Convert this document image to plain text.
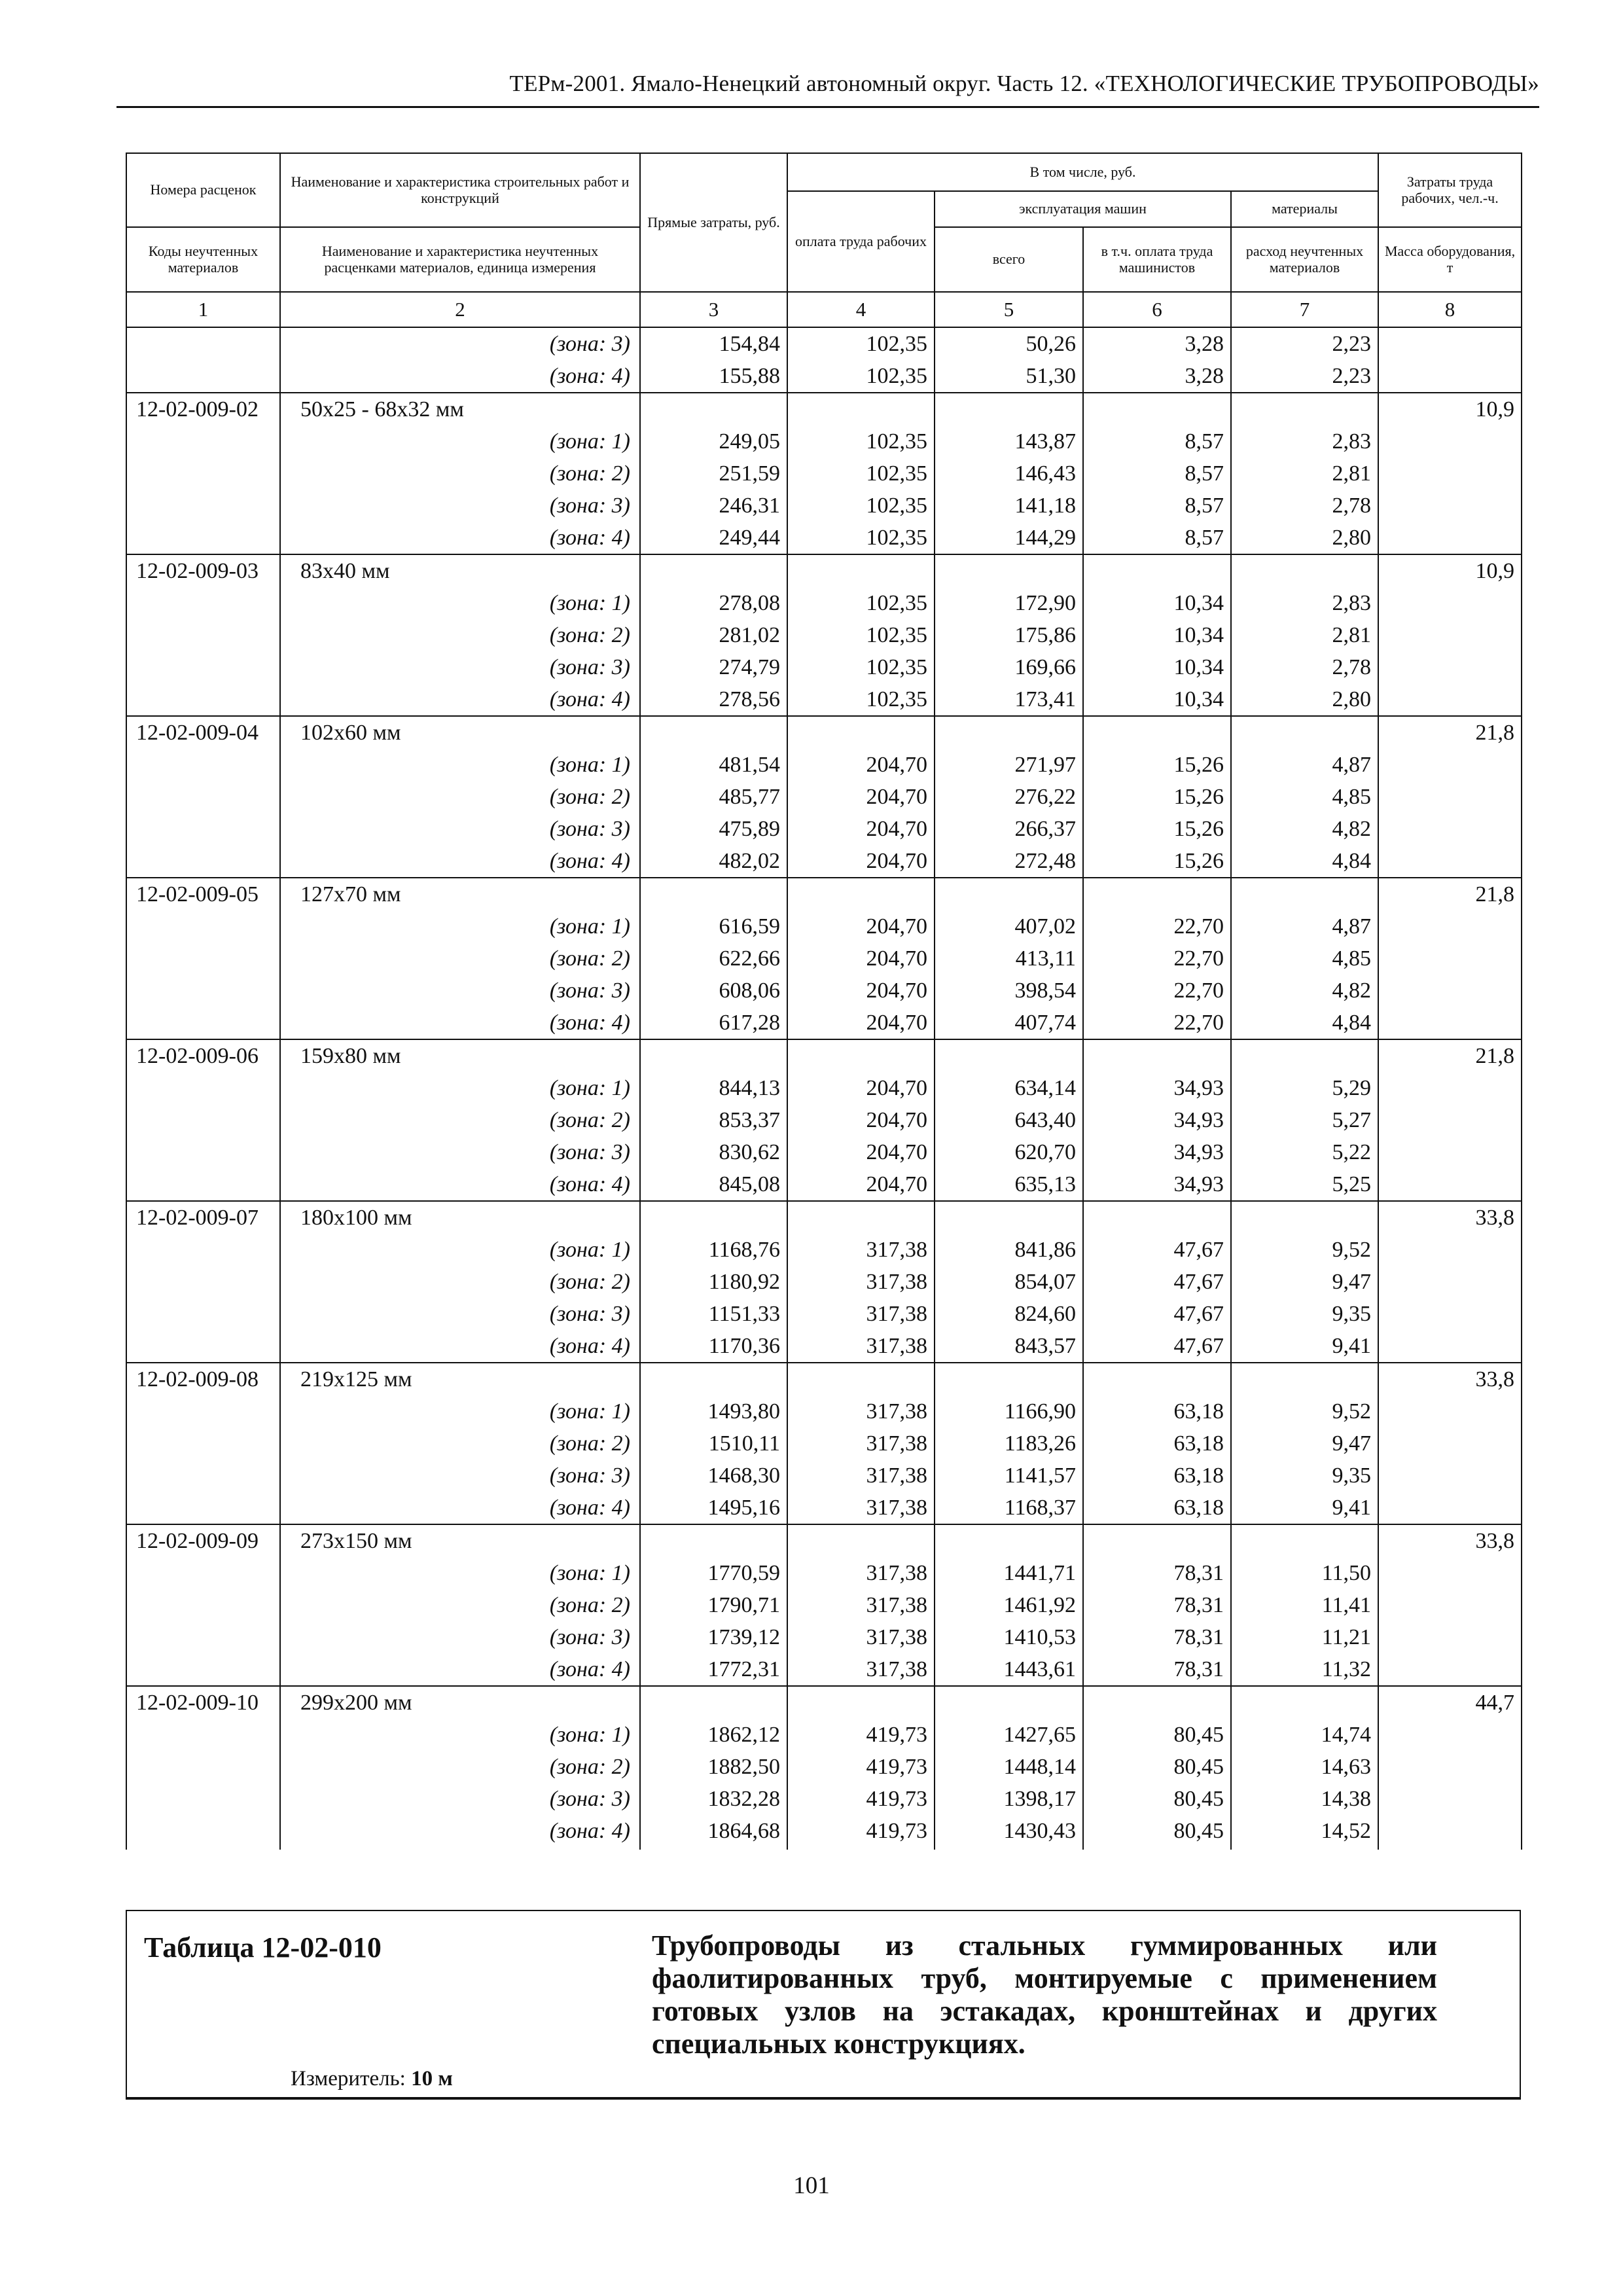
ТЕРм-2001. Ямало-Ненецкий автономный округ. Часть 12. «ТЕХНОЛОГИЧЕСКИЕ ТРУБОПРОВОДЫ»
Номера расценок	Наименование и характеристика строительных работ и конструкций	Прямые затраты, руб.	В том числе, руб.				Затраты труда рабочих, чел.-ч.
			оплата труда рабочих	эксплуатация машин		материалы	
Коды неучтенных материалов	Наименование и характеристика неучтенных расценками материалов, единица измерения			всего	в т.ч. оплата труда машинистов	расход неучтенных материалов	Масса оборудования, т
1	2	3	4	5	6	7	8
	(зона: 3)	154,84	102,35	50,26	3,28	2,23	
	(зона: 4)	155,88	102,35	51,30	3,28	2,23	
12-02-009-02	50x25 - 68x32 мм						10,9
	(зона: 1)	249,05	102,35	143,87	8,57	2,83	
	(зона: 2)	251,59	102,35	146,43	8,57	2,81	
	(зона: 3)	246,31	102,35	141,18	8,57	2,78	
	(зона: 4)	249,44	102,35	144,29	8,57	2,80	
12-02-009-03	83x40 мм						10,9
	(зона: 1)	278,08	102,35	172,90	10,34	2,83	
	(зона: 2)	281,02	102,35	175,86	10,34	2,81	
	(зона: 3)	274,79	102,35	169,66	10,34	2,78	
	(зона: 4)	278,56	102,35	173,41	10,34	2,80	
12-02-009-04	102x60 мм						21,8
	(зона: 1)	481,54	204,70	271,97	15,26	4,87	
	(зона: 2)	485,77	204,70	276,22	15,26	4,85	
	(зона: 3)	475,89	204,70	266,37	15,26	4,82	
	(зона: 4)	482,02	204,70	272,48	15,26	4,84	
12-02-009-05	127x70 мм						21,8
	(зона: 1)	616,59	204,70	407,02	22,70	4,87	
	(зона: 2)	622,66	204,70	413,11	22,70	4,85	
	(зона: 3)	608,06	204,70	398,54	22,70	4,82	
	(зона: 4)	617,28	204,70	407,74	22,70	4,84	
12-02-009-06	159x80 мм						21,8
	(зона: 1)	844,13	204,70	634,14	34,93	5,29	
	(зона: 2)	853,37	204,70	643,40	34,93	5,27	
	(зона: 3)	830,62	204,70	620,70	34,93	5,22	
	(зона: 4)	845,08	204,70	635,13	34,93	5,25	
12-02-009-07	180x100 мм						33,8
	(зона: 1)	1168,76	317,38	841,86	47,67	9,52	
	(зона: 2)	1180,92	317,38	854,07	47,67	9,47	
	(зона: 3)	1151,33	317,38	824,60	47,67	9,35	
	(зона: 4)	1170,36	317,38	843,57	47,67	9,41	
12-02-009-08	219x125 мм						33,8
	(зона: 1)	1493,80	317,38	1166,90	63,18	9,52	
	(зона: 2)	1510,11	317,38	1183,26	63,18	9,47	
	(зона: 3)	1468,30	317,38	1141,57	63,18	9,35	
	(зона: 4)	1495,16	317,38	1168,37	63,18	9,41	
12-02-009-09	273x150 мм						33,8
	(зона: 1)	1770,59	317,38	1441,71	78,31	11,50	
	(зона: 2)	1790,71	317,38	1461,92	78,31	11,41	
	(зона: 3)	1739,12	317,38	1410,53	78,31	11,21	
	(зона: 4)	1772,31	317,38	1443,61	78,31	11,32	
12-02-009-10	299x200 мм						44,7
	(зона: 1)	1862,12	419,73	1427,65	80,45	14,74	
	(зона: 2)	1882,50	419,73	1448,14	80,45	14,63	
	(зона: 3)	1832,28	419,73	1398,17	80,45	14,38	
	(зона: 4)	1864,68	419,73	1430,43	80,45	14,52	
Таблица 12-02-010	Трубопроводы из стальных гуммированных или фаолитированных труб, монтируемые с применением готовых узлов на эстакадах, кронштейнах и других специальных конструкциях.
Измеритель: 10 м
101
